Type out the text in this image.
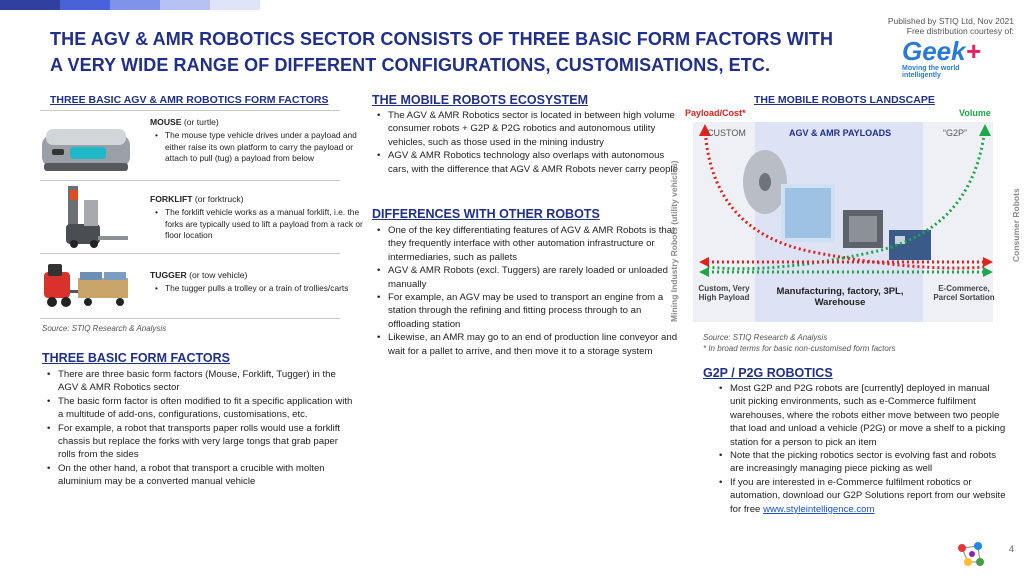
THE AGV & AMR ROBOTICS SECTOR CONSISTS OF THREE BASIC FORM FACTORS WITH A VERY WIDE RANGE OF DIFFERENT CONFIGURATIONS, CUSTOMISATIONS, ETC.
Published by STIQ Ltd, Nov 2021
Free distribution courtesy of:
Geek+
Moving the world intelligently
THREE BASIC AGV & AMR ROBOTICS FORM FACTORS
MOUSE (or turtle)
• The mouse type vehicle drives under a payload and either raise its own platform to carry the payload or attach to pull (tug) a payload from below
FORKLIFT (or forktruck)
• The forklift vehicle works as a manual forklift, i.e. the forks are typically used to lift a payload from a rack or floor location
TUGGER (or tow vehicle)
• The tugger pulls a trolley or a train of trollies/carts
Source: STIQ Research & Analysis
THREE BASIC FORM FACTORS
• There are three basic form factors (Mouse, Forklift, Tugger) in the AGV & AMR Robotics sector
• The basic form factor is often modified to fit a specific application with a multitude of add-ons, configurations, customisations, etc.
• For example, a robot that transports paper rolls would use a forklift chassis but replace the forks with very large tongs that grab paper rolls from the sides
• On the other hand, a robot that transport a crucible with molten aluminium may be a converted manual vehicle
THE MOBILE ROBOTS ECOSYSTEM
• The AGV & AMR Robotics sector is located in between high volume consumer robots + G2P & P2G robotics and autonomous utility vehicles, such as those used in the mining industry
• AGV & AMR Robotics technology also overlaps with autonomous cars, with the difference that AGV & AMR Robots never carry people
DIFFERENCES WITH OTHER ROBOTS
• One of the key differentiating features of AGV & AMR Robots is that they frequently interface with other automation infrastructure or intermediaries, such as pallets
• AGV & AMR Robots (excl. Tuggers) are rarely loaded or unloaded manually
• For example, an AGV may be used to transport an engine from a station through the refining and fitting process through to an offloading station
• Likewise, an AMR may go to an end of production line conveyor and wait for a pallet to arrive, and then move it to a storage system
THE MOBILE ROBOTS LANDSCAPE
Payload/Cost*	Volume
CUSTOM	AGV & AMR PAYLOADS	“G2P”
Mining Industry Robots (utility vehicles)	Consumer Robots
Custom, Very High Payload
Manufacturing, factory, 3PL, Warehouse
E-Commerce, Parcel Sortation
Source: STIQ Research & Analysis
* In broad terms for basic non-customised form factors
G2P / P2G ROBOTICS
• Most G2P and P2G robots are [currently] deployed in manual unit picking environments, such as e-Commerce fulfilment warehouses, where the robots either move between two people that load and unload a vehicle (P2G) or move a shelf to a picking station for a person to pick an item
• Note that the picking robotics sector is evolving fast and robots are increasingly managing piece picking as well
• If you are interested in e-Commerce fulfilment robotics or automation, download our G2P Solutions report from our website for free www.styleintelligence.com
4
